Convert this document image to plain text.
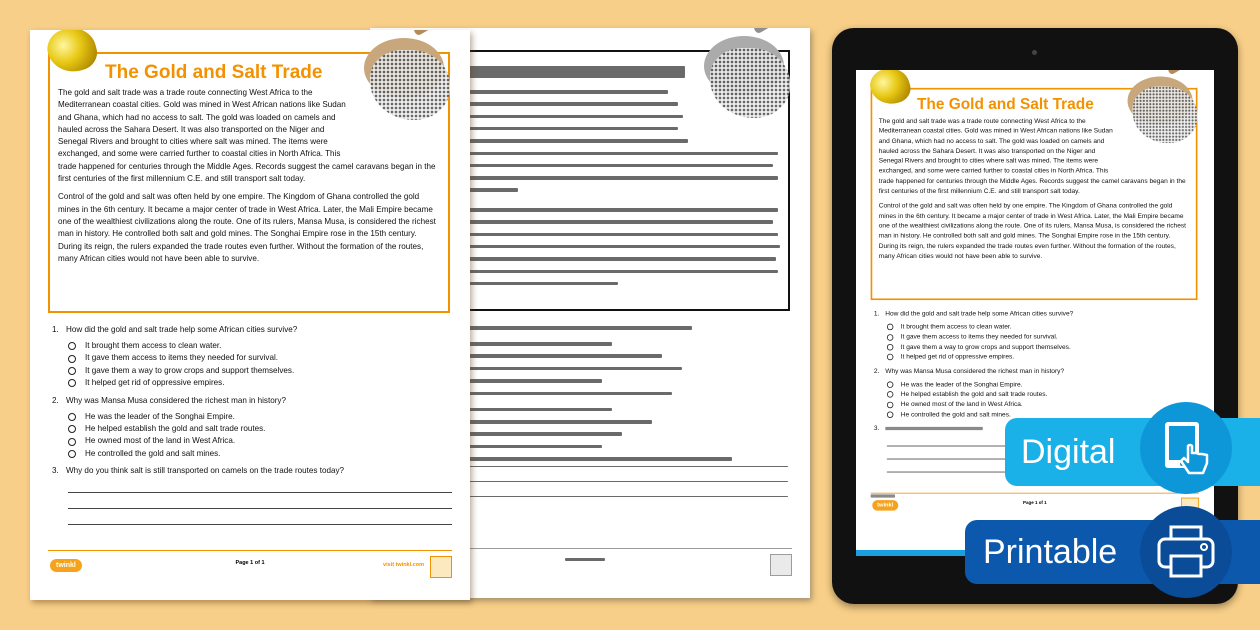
The Gold and Salt Trade

The gold and salt trade was a trade route connecting West Africa to the Mediterranean coastal cities. Gold was mined in West African nations like Sudan and Ghana, which had no access to salt. The gold was loaded on camels and hauled across the Sahara Desert. It was also transported on the Niger and Senegal Rivers and brought to cities where salt was mined. The items were exchanged, and some were carried further to coastal cities in North Africa. This trade happened for centuries through the Middle Ages. Records suggest the camel caravans began in the first centuries of the first millennium C.E. and still transport salt today.

Control of the gold and salt was often held by one empire. The Kingdom of Ghana controlled the gold mines in the 6th century. It became a major center of trade in West Africa. Later, the Mali Empire became one of the wealthiest civilizations along the route. One of its rulers, Mansa Musa, is considered the richest man in history. He controlled both salt and gold mines. The Songhai Empire rose in the 15th century. During its reign, the rulers expanded the trade routes even further. Without the formation of the routes, many African cities would not have been able to survive.

1. How did the gold and salt trade help some African cities survive?
It brought them access to clean water.
It gave them access to items they needed for survival.
It gave them a way to grow crops and support themselves.
It helped get rid of oppressive empires.
2. Why was Mansa Musa considered the richest man in history?
He was the leader of the Songhai Empire.
He helped establish the gold and salt trade routes.
He owned most of the land in West Africa.
He controlled the gold and salt mines.
3. Why do you think salt is still transported on camels on the trade routes today?
twinkl	Page 1 of 1	visit twinkl.com
The Gold and Salt Trade

The gold and salt trade was a trade route connecting West Africa to the Mediterranean coastal cities. Gold was mined in West African nations like Sudan and Ghana, which had no access to salt. The gold was loaded on camels and hauled across the Sahara Desert. It was also transported on the Niger and Senegal Rivers and brought to cities where salt was mined. The items were exchanged, and some were carried further to coastal cities in North Africa. This trade happened for centuries through the Middle Ages. Records suggest the camel caravans began in the first centuries of the first millennium C.E. and still transport salt today.

Control of the gold and salt was often held by one empire. The Kingdom of Ghana controlled the gold mines in the 6th century. It became a major center of trade in West Africa. Later, the Mali Empire became one of the wealthiest civilizations along the route. One of its rulers, Mansa Musa, is considered the richest man in history. He controlled both salt and gold mines. The Songhai Empire rose in the 15th century. During its reign, the rulers expanded the trade routes even further. Without the formation of the routes, many African cities would not have been able to survive.

1. How did the gold and salt trade help some African cities survive?
It brought them access to clean water.
It gave them access to items they needed for survival.
It gave them a way to grow crops and support themselves.
It helped get rid of oppressive empires.
2. Why was Mansa Musa considered the richest man in history?
He was the leader of the Songhai Empire.
He helped establish the gold and salt trade routes.
He owned most of the land in West Africa.
He controlled the gold and salt mines.
3.
twinkl	Page 1 of 1
Digital
Printable
